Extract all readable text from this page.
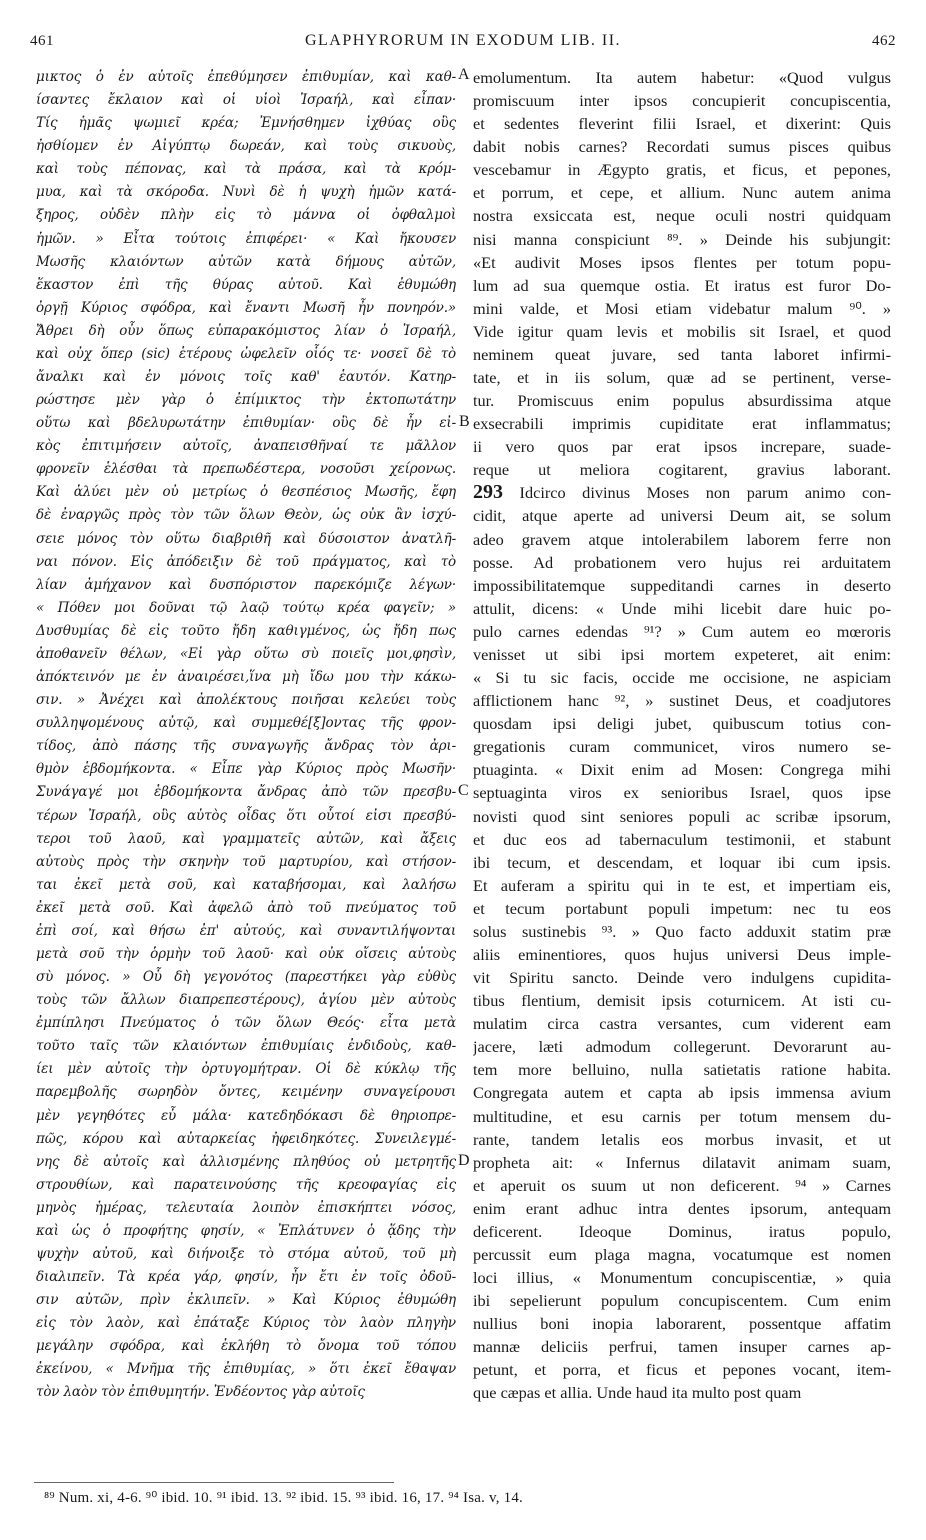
461	GLAPHYRORUM IN EXODUM LIB. II.	462
μικτος ὁ ἐν αὐτοῖς ἐπεθύμησεν ἐπιθυμίαν, καὶ καθ-
ίσαντες ἔκλαιον καὶ οἱ υἱοὶ Ἰσραήλ, καὶ εἶπαν·
Τίς ἡμᾶς ψωμιεῖ κρέα; Ἐμνήσθημεν ἰχθύας οὓς
ἠσθίομεν ἐν Αἰγύπτῳ δωρεάν, καὶ τοὺς σικυοὺς,
καὶ τοὺς πέπονας, καὶ τὰ πράσα, καὶ τὰ κρόμ-
μυα, καὶ τὰ σκόροδα. Νυνὶ δὲ ἡ ψυχὴ ἡμῶν κατά-
ξηρος, οὐδὲν πλὴν εἰς τὸ μάννα οἱ ὀφθαλμοὶ
ἡμῶν. » Εἶτα τούτοις ἐπιφέρει· « Καὶ ἤκουσεν
Μωσῆς κλαιόντων αὐτῶν κατὰ δήμους αὐτῶν,
ἕκαστον ἐπὶ τῆς θύρας αὐτοῦ. Καὶ ἐθυμώθη
ὀργῇ Κύριος σφόδρα, καὶ ἔναντι Μωσῆ ἦν πονηρόν.»
Ἄθρει δὴ οὖν ὅπως εὐπαρακόμιστος λίαν ὁ Ἰσραήλ,
καὶ οὐχ ὅπερ (sic) ἑτέρους ὠφελεῖν οἷός τε· νοσεῖ δὲ τὸ
ἄναλκι καὶ ἐν μόνοις τοῖς καθ' ἑαυτόν. Κατηρ-
ρώστησε μὲν γὰρ ὁ ἐπίμικτος τὴν ἐκτοπωτάτην
οὕτω καὶ βδελυρωτάτην ἐπιθυμίαν· οὓς δὲ ἦν εἰ-
κὸς ἐπιτιμήσειν αὐτοῖς, ἀναπεισθῆναί τε μᾶλλον
φρονεῖν ἑλέσθαι τὰ πρεπωδέστερα, νοσοῦσι χείρονως.
Καὶ ἀλύει μὲν οὐ μετρίως ὁ θεσπέσιος Μωσῆς, ἔφη
δὲ ἐναργῶς πρὸς τὸν τῶν ὅλων Θεὸν, ὡς οὐκ ἂν ἰσχύ-
σειε μόνος τὸν οὕτω διαβριθῆ καὶ δύσοιστον ἀνατλῆ-
ναι πόνον. Εἰς ἀπόδειξιν δὲ τοῦ πράγματος, καὶ τὸ
λίαν ἀμήχανον καὶ δυσπόριστον παρεκόμιζε λέγων·
« Πόθεν μοι δοῦναι τῷ λαῷ τούτῳ κρέα φαγεῖν; »
Δυσθυμίας δὲ εἰς τοῦτο ἤδη καθιγμένος, ὡς ἤδη πως
ἀποθανεῖν θέλων, «Εἰ γὰρ οὕτω σὺ ποιεῖς μοι,φησὶν,
ἀπόκτεινόν με ἐν ἀναιρέσει,ἵνα μὴ ἴδω μου τὴν κάκω-
σιν. » Ἀνέχει καὶ ἀπολέκτους ποιῆσαι κελεύει τοὺς
συλληψομένους αὐτῷ, καὶ συμμεθέ[ξ]οντας τῆς φρον-
τίδος, ἀπὸ πάσης τῆς συναγωγῆς ἄνδρας τὸν ἀρι-
θμὸν ἑβδομήκοντα. « Εἶπε γὰρ Κύριος πρὸς Μωσῆν·
Συνάγαγέ μοι ἑβδομήκοντα ἄνδρας ἀπὸ τῶν πρεσβυ-
τέρων Ἰσραήλ, οὓς αὐτὸς οἶδας ὅτι οὗτοί εἰσι πρεσβύ-
τεροι τοῦ λαοῦ, καὶ γραμματεῖς αὐτῶν, καὶ ἄξεις
αὐτοὺς πρὸς τὴν σκηνὴν τοῦ μαρτυρίου, καὶ στήσον-
ται ἐκεῖ μετὰ σοῦ, καὶ καταβήσομαι, καὶ λαλήσω
ἐκεῖ μετὰ σοῦ. Καὶ ἀφελῶ ἀπὸ τοῦ πνεύματος τοῦ
ἐπὶ σοί, καὶ θήσω ἐπ' αὐτούς, καὶ συναντιλήψονται
μετὰ σοῦ τὴν ὁρμὴν τοῦ λαοῦ· καὶ οὐκ οἴσεις αὐτοὺς
σὺ μόνος. » Οὗ δὴ γεγονότος (παρεστήκει γὰρ εὐθὺς
τοὺς τῶν ἄλλων διαπρεπεστέρους), ἁγίου μὲν αὐτοὺς
ἐμπίπλησι Πνεύματος ὁ τῶν ὅλων Θεός· εἶτα μετὰ
τοῦτο ταῖς τῶν κλαιόντων ἐπιθυμίαις ἐνδιδοὺς, καθ-
ίει μὲν αὐτοῖς τὴν ὀρτυγομήτραν. Οἱ δὲ κύκλῳ τῆς
παρεμβολῆς σωρηδὸν ὄντες, κειμένην συναγείρουσι
μὲν γεγηθότες εὖ μάλα· κατεδηδόκασι δὲ θηριοπρε-
πῶς, κόρου καὶ αὐταρκείας ἠφειδηκότες. Συνειλεγμέ-
νης δὲ αὐτοῖς καὶ ἀλλισμένης πληθύος οὐ μετρητῆς
στρουθίων, καὶ παρατεινούσης τῆς κρεοφαγίας εἰς
μηνὸς ἡμέρας, τελευταία λοιπὸν ἐπισκήπτει νόσος,
καὶ ὡς ὁ προφήτης φησίν, « Ἐπλάτυνεν ὁ ᾅδης τὴν
ψυχὴν αὐτοῦ, καὶ διήνοιξε τὸ στόμα αὐτοῦ, τοῦ μὴ
διαλιπεῖν. Τὰ κρέα γάρ, φησίν, ἦν ἔτι ἐν τοῖς ὀδοῦ-
σιν αὐτῶν, πρὶν ἐκλιπεῖν. » Καὶ Κύριος ἐθυμώθη
εἰς τὸν λαὸν, καὶ ἐπάταξε Κύριος τὸν λαὸν πληγὴν
μεγάλην σφόδρα, καὶ ἐκλήθη τὸ ὄνομα τοῦ τόπου
ἐκείνου, « Μνῆμα τῆς ἐπιθυμίας, » ὅτι ἐκεῖ ἔθαψαν
τὸν λαὸν τὸν ἐπιθυμητήν. Ἐνδέοντος γὰρ αὐτοῖς
emolumentum. Ita autem habetur: «Quod vulgus
promiscuum inter ipsos concupierit concupiscentia,
et sedentes fleverint filii Israel, et dixerint: Quis
dabit nobis carnes? Recordati sumus pisces quibus
vescebamur in Ægypto gratis, et ficus, et pepones,
et porrum, et cepe, et allium. Nunc autem anima
nostra exsiccata est, neque oculi nostri quidquam
nisi manna conspiciunt ⁸⁹. » Deinde his subjungit:
«Et audivit Moses ipsos flentes per totum popu-
lum ad sua quemque ostia. Et iratus est furor Do-
mini valde, et Mosi etiam videbatur malum ⁹⁰. »
Vide igitur quam levis et mobilis sit Israel, et quod
neminem queat juvare, sed tanta laboret infirmi-
tate, et in iis solum, quæ ad se pertinent, verse-
tur. Promiscuus enim populus absurdissima atque
exsecrabili imprimis cupiditate erat inflammatus;
ii vero quos par erat ipsos increpare, suade-
reque ut meliora cogitarent, gravius laborant.
293 Idcirco divinus Moses non parum animo con-
cidit, atque aperte ad universi Deum ait, se solum
adeo gravem atque intolerabilem laborem ferre non
posse. Ad probationem vero hujus rei arduitatem
impossibilitatemque suppeditandi carnes in deserto
attulit, dicens: « Unde mihi licebit dare huic po-
pulo carnes edendas ⁹¹? » Cum autem eo mœroris
venisset ut sibi ipsi mortem expeteret, ait enim:
« Si tu sic facis, occide me occisione, ne aspiciam
afflictionem hanc ⁹², » sustinet Deus, et coadjutores
quosdam ipsi deligi jubet, quibuscum totius con-
gregationis curam communicet, viros numero se-
ptuaginta. « Dixit enim ad Mosen: Congrega mihi
septuaginta viros ex senioribus Israel, quos ipse
novisti quod sint seniores populi ac scribæ ipsorum,
et duc eos ad tabernaculum testimonii, et stabunt
ibi tecum, et descendam, et loquar ibi cum ipsis.
Et auferam a spiritu qui in te est, et impertiam eis,
et tecum portabunt populi impetum: nec tu eos
solus sustinebis ⁹³. » Quo facto adduxit statim præ
aliis eminentiores, quos hujus universi Deus imple-
vit Spiritu sancto. Deinde vero indulgens cupidita-
tibus flentium, demisit ipsis coturnicem. At isti cu-
mulatim circa castra versantes, cum viderent eam
jacere, læti admodum collegerunt. Devorarunt au-
tem more belluino, nulla satietatis ratione habita.
Congregata autem et capta ab ipsis immensa avium
multitudine, et esu carnis per totum mensem du-
rante, tandem letalis eos morbus invasit, et ut
propheta ait: « Infernus dilatavit animam suam,
et aperuit os suum ut non deficerent. ⁹⁴ » Carnes
enim erant adhuc intra dentes ipsorum, antequam
deficerent. Ideoque Dominus, iratus populo,
percussit eum plaga magna, vocatumque est nomen
loci illius, « Monumentum concupiscentiæ, » quia
ibi sepelierunt populum concupiscentem. Cum enim
nullius boni inopia laborarent, possentque affatim
mannæ deliciis perfrui, tamen insuper carnes ap-
petunt, et porra, et ficus et pepones vocant, item-
que cæpas et allia. Unde haud ita multo post quam
A
B
C
D
⁸⁹ Num. xi, 4-6. ⁹⁰ ibid. 10. ⁹¹ ibid. 13. ⁹² ibid. 15. ⁹³ ibid. 16, 17. ⁹⁴ Isa. v, 14.
